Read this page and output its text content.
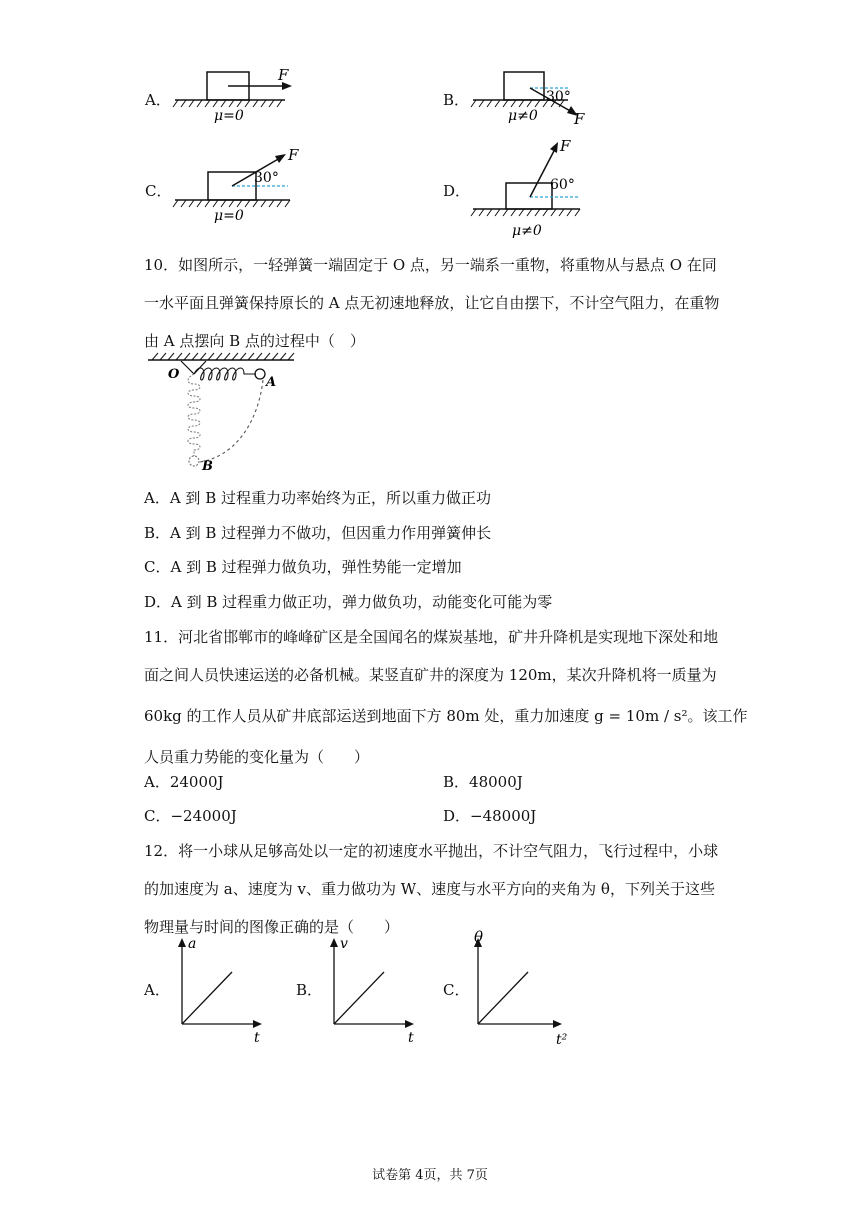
A．
F
μ=0
B．	30°
F
μ≠0
C．
30°
F
μ=0
D．	60°
F
μ≠0
10．如图所示，一轻弹簧一端固定于 O 点，另一端系一重物，将重物从与悬点 O 在同
一水平面且弹簧保持原长的 A 点无初速地释放，让它自由摆下，不计空气阻力，在重物
由 A 点摆向 B 点的过程中（　）
O
A
B
A．A 到 B 过程重力功率始终为正，所以重力做正功
B．A 到 B 过程弹力不做功，但因重力作用弹簧伸长
C．A 到 B 过程弹力做负功，弹性势能一定增加
D．A 到 B 过程重力做正功，弹力做负功，动能变化可能为零
11．河北省邯郸市的峰峰矿区是全国闻名的煤炭基地，矿井升降机是实现地下深处和地
面之间人员快速运送的必备机械。某竖直矿井的深度为 120m，某次升降机将一质量为
60kg 的工作人员从矿井底部运送到地面下方 80m 处，重力加速度 g = 10m / s²。该工作
人员重力势能的变化量为（　　）
A．24000J	B．48000J
C．−24000J	D．−48000J
12．将一小球从足够高处以一定的初速度水平抛出，不计空气阻力，飞行过程中，小球
的加速度为 a、速度为 v、重力做功为 W、速度与水平方向的夹角为 θ，下列关于这些
物理量与时间的图像正确的是（　　）
A．
a
t
B．
v
t
C．
θ
t²
试卷第 4页，共 7页
